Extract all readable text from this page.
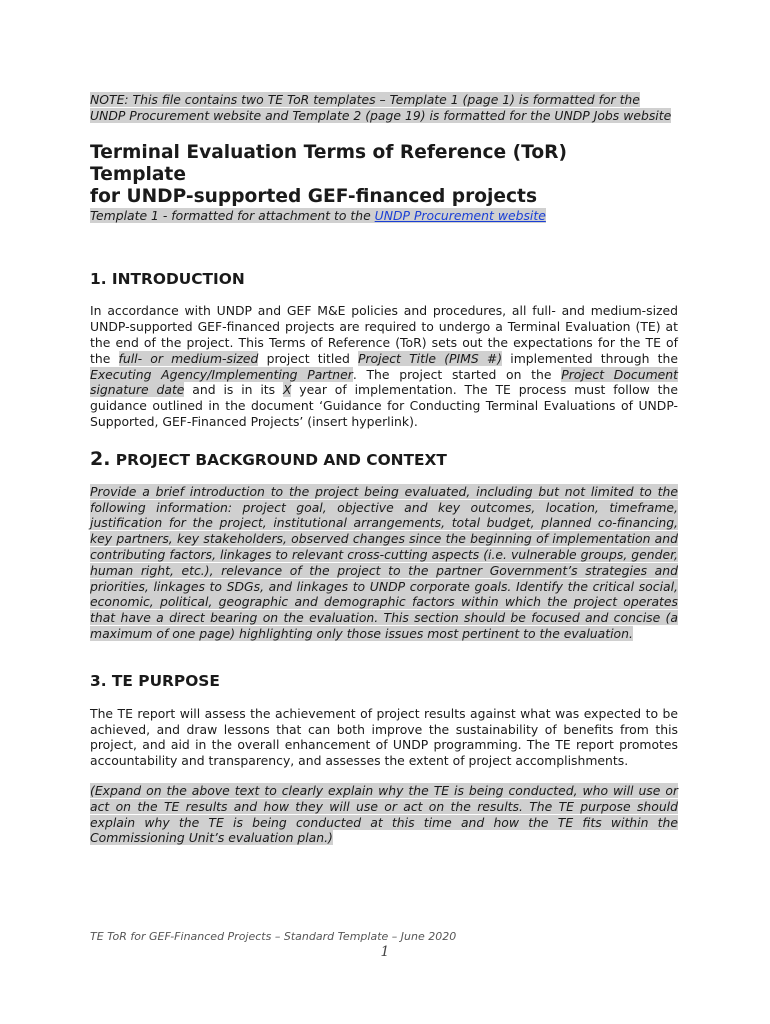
NOTE: This file contains two TE ToR templates – Template 1 (page 1) is formatted for the UNDP Procurement website and Template 2 (page 19) is formatted for the UNDP Jobs website
Terminal Evaluation Terms of Reference (ToR)
Template
for UNDP-supported GEF-financed projects
Template 1 - formatted for attachment to the UNDP Procurement website
1. INTRODUCTION

In accordance with UNDP and GEF M&E policies and procedures, all full- and medium-sized UNDP-supported GEF-financed projects are required to undergo a Terminal Evaluation (TE) at the end of the project. This Terms of Reference (ToR) sets out the expectations for the TE of the full- or medium-sized project titled Project Title (PIMS #) implemented through the Executing Agency/Implementing Partner. The project started on the Project Document signature date and is in its X year of implementation. The TE process must follow the guidance outlined in the document ‘Guidance for Conducting Terminal Evaluations of UNDP-Supported, GEF-Financed Projects’ (insert hyperlink).

2. PROJECT BACKGROUND AND CONTEXT

Provide a brief introduction to the project being evaluated, including but not limited to the following information: project goal, objective and key outcomes, location, timeframe, justification for the project, institutional arrangements, total budget, planned co-financing, key partners, key stakeholders, observed changes since the beginning of implementation and contributing factors, linkages to relevant cross-cutting aspects (i.e. vulnerable groups, gender, human right, etc.), relevance of the project to the partner Government’s strategies and priorities, linkages to SDGs, and linkages to UNDP corporate goals. Identify the critical social, economic, political, geographic and demographic factors within which the project operates that have a direct bearing on the evaluation. This section should be focused and concise (a maximum of one page) highlighting only those issues most pertinent to the evaluation.

3. TE PURPOSE

The TE report will assess the achievement of project results against what was expected to be achieved, and draw lessons that can both improve the sustainability of benefits from this project, and aid in the overall enhancement of UNDP programming. The TE report promotes accountability and transparency, and assesses the extent of project accomplishments.

(Expand on the above text to clearly explain why the TE is being conducted, who will use or act on the TE results and how they will use or act on the results. The TE purpose should explain why the TE is being conducted at this time and how the TE fits within the Commissioning Unit’s evaluation plan.)

TE ToR for GEF-Financed Projects – Standard Template – June 2020
1
